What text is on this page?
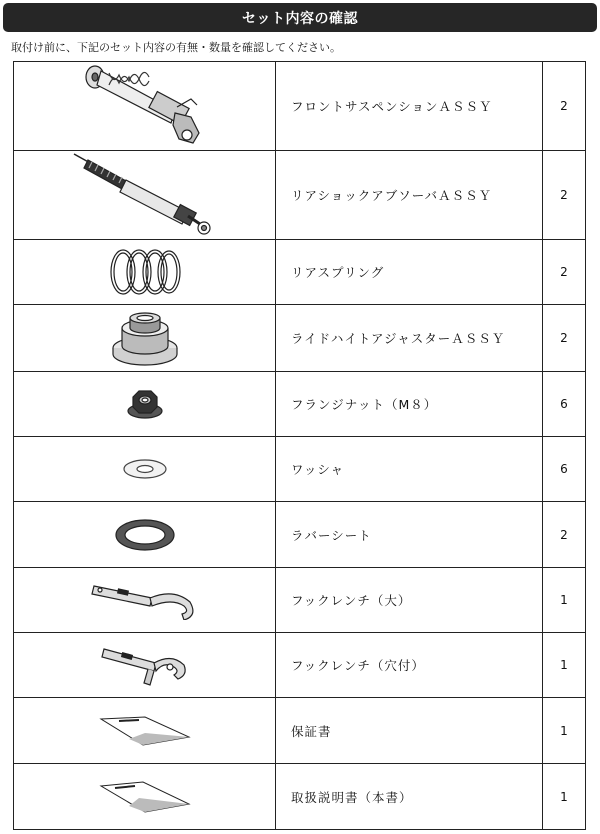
セット内容の確認
取付け前に、下記のセット内容の有無・数量を確認してください。
	フロントサスペンションＡＳＳＹ	2

	リアショックアブソーバＡＳＳＹ	2

	リアスプリング	2

	ライドハイトアジャスターＡＳＳＹ	2

	フランジナット（M８）	6

	ワッシャ	6

	ラバーシート	2

	フックレンチ（大）	1

	フックレンチ（穴付）	1

	保証書	1

	取扱説明書（本書）	1
